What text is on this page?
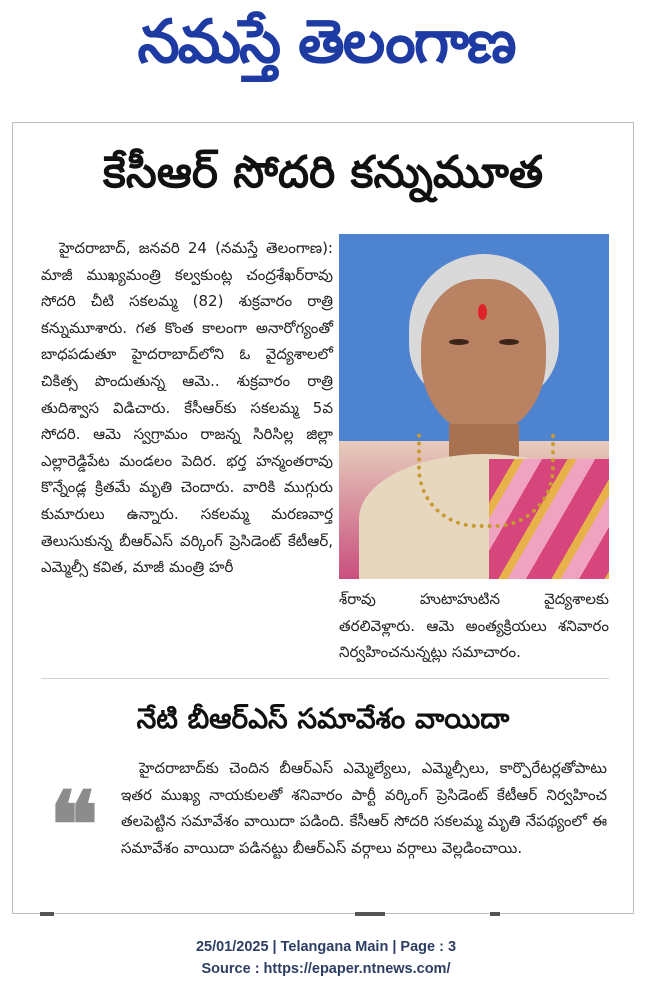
నమస్తే తెలంగాణ
కేసీఆర్ సోదరి కన్నుమూత

హైదరాబాద్, జనవరి 24 (నమస్తే తెలంగాణ): మాజీ ముఖ్యమంత్రి కల్వకుంట్ల చంద్రశేఖర్‌రావు సోదరి చీటి సకలమ్మ (82) శుక్రవారం రాత్రి కన్నుమూశారు. గత కొంత కాలంగా అనారోగ్యంతో బాధపడుతూ హైదరాబాద్‌లోని ఓ వైద్యశాలలో చికిత్స పొందుతున్న ఆమె.. శుక్రవారం రాత్రి తుదిశ్వాస విడిచారు. కేసీఆర్‌కు సకలమ్మ 5వ సోదరి. ఆమె స్వగ్రామం రాజన్న సిరిసిల్ల జిల్లా ఎల్లారెడ్డిపేట మండలం పెదిర. భర్త హన్మంతరావు కొన్నేండ్ల క్రితమే మృతి చెందారు. వారికి ముగ్గురు కుమారులు ఉన్నారు. సకలమ్మ మరణవార్త తెలుసుకున్న బీఆర్‌ఎస్ వర్కింగ్ ప్రెసిడెంట్ కేటీఆర్, ఎమ్మెల్సీ కవిత, మాజీ మంత్రి హరీ

శ్‌రావు హుటాహుటిన వైద్యశాలకు తరలివెళ్లారు. ఆమె అంత్యక్రియలు శనివారం నిర్వహించనున్నట్లు సమాచారం.

నేటి బీఆర్‌ఎస్ సమావేశం వాయిదా
❝

హైదరాబాద్‌కు చెందిన బీఆర్‌ఎస్ ఎమ్మెల్యేలు, ఎమ్మెల్సీలు, కార్పొరేటర్లతోపాటు ఇతర ముఖ్య నాయకులతో శనివారం పార్టీ వర్కింగ్ ప్రెసిడెంట్ కేటీఆర్ నిర్వహించ తలపెట్టిన సమావేశం వాయిదా పడింది. కేసీఆర్ సోదరి సకలమ్మ మృతి నేపథ్యంలో ఈ సమావేశం వాయిదా పడినట్టు బీఆర్‌ఎస్ వర్గాలు వర్గాలు వెల్లడించాయి.

25/01/2025 | Telangana Main | Page : 3
Source : https://epaper.ntnews.com/
